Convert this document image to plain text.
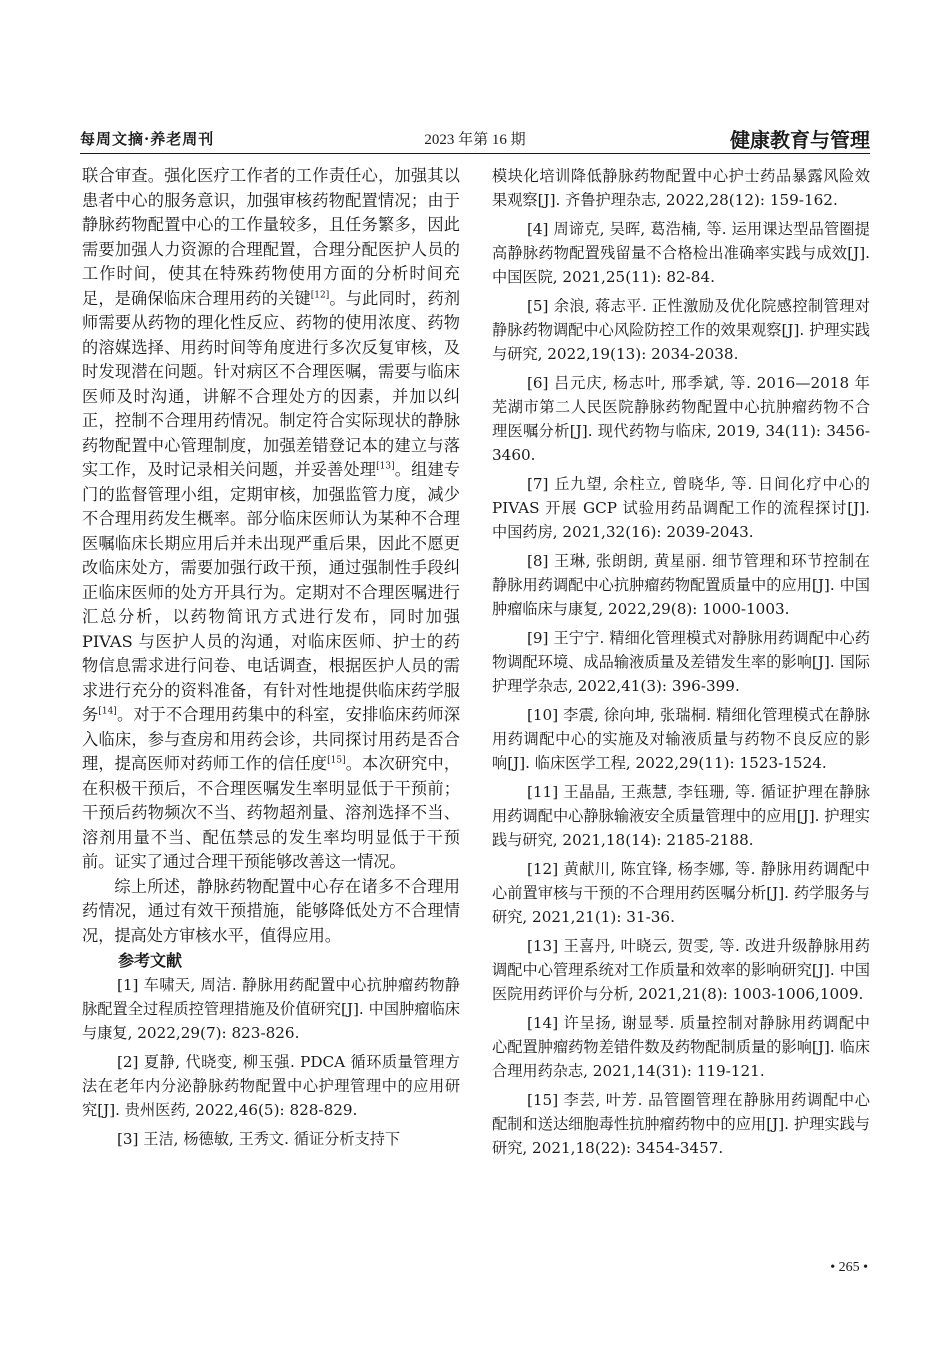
每周文摘·养老周刊	2023 年第 16 期	健康教育与管理

联合审查。强化医疗工作者的工作责任心，加强其以患者中心的服务意识，加强审核药物配置情况；由于静脉药物配置中心的工作量较多，且任务繁多，因此需要加强人力资源的合理配置，合理分配医护人员的工作时间，使其在特殊药物使用方面的分析时间充足，是确保临床合理用药的关键[12]。与此同时，药剂师需要从药物的理化性反应、药物的使用浓度、药物的溶媒选择、用药时间等角度进行多次反复审核，及时发现潜在问题。针对病区不合理医嘱，需要与临床医师及时沟通，讲解不合理处方的因素，并加以纠正，控制不合理用药情况。制定符合实际现状的静脉药物配置中心管理制度，加强差错登记本的建立与落实工作，及时记录相关问题，并妥善处理[13]。组建专门的监督管理小组，定期审核，加强监管力度，减少不合理用药发生概率。部分临床医师认为某种不合理医嘱临床长期应用后并未出现严重后果，因此不愿更改临床处方，需要加强行政干预，通过强制性手段纠正临床医师的处方开具行为。定期对不合理医嘱进行汇总分析，以药物简讯方式进行发布，同时加强 PIVAS 与医护人员的沟通，对临床医师、护士的药物信息需求进行问卷、电话调查，根据医护人员的需求进行充分的资料准备，有针对性地提供临床药学服务[14]。对于不合理用药集中的科室，安排临床药师深入临床，参与查房和用药会诊，共同探讨用药是否合理，提高医师对药师工作的信任度[15]。本次研究中，在积极干预后，不合理医嘱发生率明显低于干预前；干预后药物频次不当、药物超剂量、溶剂选择不当、溶剂用量不当、配伍禁忌的发生率均明显低于干预前。证实了通过合理干预能够改善这一情况。

综上所述，静脉药物配置中心存在诸多不合理用药情况，通过有效干预措施，能够降低处方不合理情况，提高处方审核水平，值得应用。

参考文献
[1] 车啸天, 周洁. 静脉用药配置中心抗肿瘤药物静脉配置全过程质控管理措施及价值研究[J]. 中国肿瘤临床与康复, 2022,29(7): 823-826.
[2] 夏静, 代晓变, 柳玉强. PDCA 循环质量管理方法在老年内分泌静脉药物配置中心护理管理中的应用研究[J]. 贵州医药, 2022,46(5): 828-829.
[3] 王洁, 杨德敏, 王秀文. 循证分析支持下
模块化培训降低静脉药物配置中心护士药品暴露风险效果观察[J]. 齐鲁护理杂志, 2022,28(12): 159-162.
[4] 周谛克, 吴晖, 葛浩楠, 等. 运用课达型品管圈提高静脉药物配置残留量不合格检出准确率实践与成效[J]. 中国医院, 2021,25(11): 82-84.
[5] 余浪, 蒋志平. 正性激励及优化院感控制管理对静脉药物调配中心风险防控工作的效果观察[J]. 护理实践与研究, 2022,19(13): 2034-2038.
[6] 吕元庆, 杨志叶, 邢季斌, 等. 2016—2018 年芜湖市第二人民医院静脉药物配置中心抗肿瘤药物不合理医嘱分析[J]. 现代药物与临床, 2019, 34(11): 3456-3460.
[7] 丘九望, 余柱立, 曾晓华, 等. 日间化疗中心的 PIVAS 开展 GCP 试验用药品调配工作的流程探讨[J]. 中国药房, 2021,32(16): 2039-2043.
[8] 王琳, 张朗朗, 黄星丽. 细节管理和环节控制在静脉用药调配中心抗肿瘤药物配置质量中的应用[J]. 中国肿瘤临床与康复, 2022,29(8): 1000-1003.
[9] 王宁宁. 精细化管理模式对静脉用药调配中心药物调配环境、成品输液质量及差错发生率的影响[J]. 国际护理学杂志, 2022,41(3): 396-399.
[10] 李震, 徐向坤, 张瑞桐. 精细化管理模式在静脉用药调配中心的实施及对输液质量与药物不良反应的影响[J]. 临床医学工程, 2022,29(11): 1523-1524.
[11] 王晶晶, 王燕慧, 李钰珊, 等. 循证护理在静脉用药调配中心静脉输液安全质量管理中的应用[J]. 护理实践与研究, 2021,18(14): 2185-2188.
[12] 黄献川, 陈宜锋, 杨李娜, 等. 静脉用药调配中心前置审核与干预的不合理用药医嘱分析[J]. 药学服务与研究, 2021,21(1): 31-36.
[13] 王喜丹, 叶晓云, 贺雯, 等. 改进升级静脉用药调配中心管理系统对工作质量和效率的影响研究[J]. 中国医院用药评价与分析, 2021,21(8): 1003-1006,1009.
[14] 许呈扬, 谢显琴. 质量控制对静脉用药调配中心配置肿瘤药物差错件数及药物配制质量的影响[J]. 临床合理用药杂志, 2021,14(31): 119-121.
[15] 李芸, 叶芳. 品管圈管理在静脉用药调配中心配制和送达细胞毒性抗肿瘤药物中的应用[J]. 护理实践与研究, 2021,18(22): 3454-3457.
• 265 •
